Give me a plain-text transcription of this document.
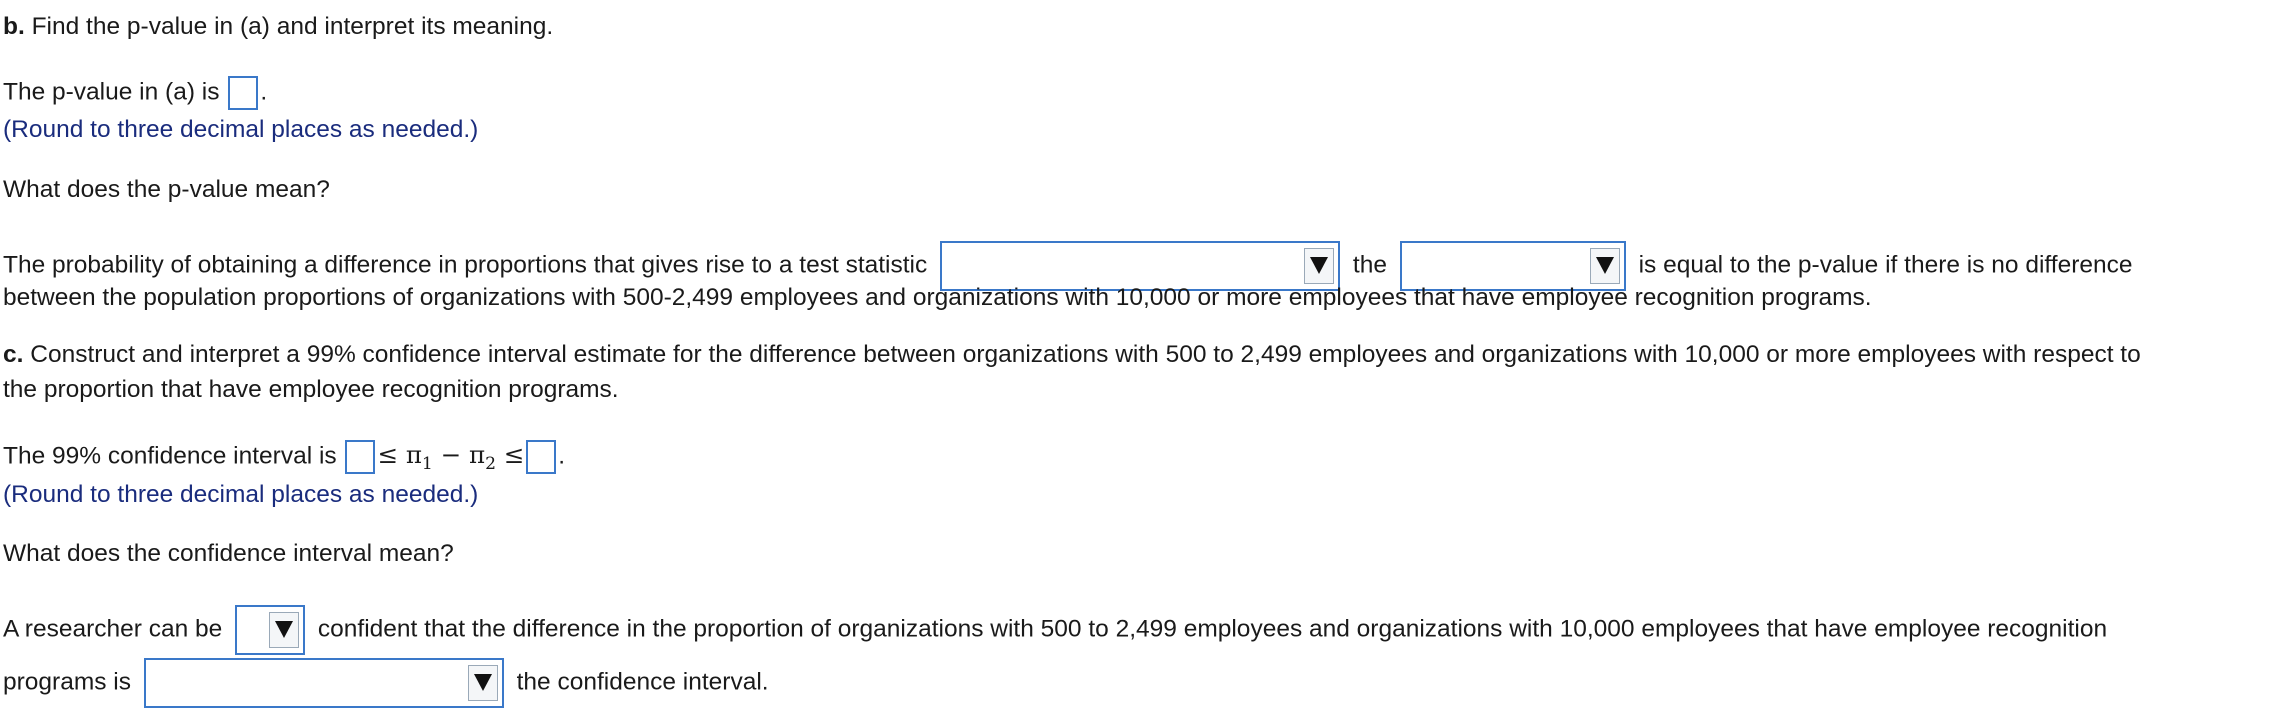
b. Find the p-value in (a) and interpret its meaning.
The p-value in (a) is .
(Round to three decimal places as needed.)
What does the p-value mean?
The probability of obtaining a difference in proportions that gives rise to a test statistic	the	is equal to the p-value if there is no difference
between the population proportions of organizations with 500-2,499 employees and organizations with 10,000 or more employees that have employee recognition programs.
c. Construct and interpret a 99% confidence interval estimate for the difference between organizations with 500 to 2,499 employees and organizations with 10,000 or more employees with respect to
the proportion that have employee recognition programs.
The 99% confidence interval is ≤ $\pi_1 - \pi_2$ ≤ .
(Round to three decimal places as needed.)
What does the confidence interval mean?
A researcher can be	confident that the difference in the proportion of organizations with 500 to 2,499 employees and organizations with 10,000 employees that have employee recognition
programs is	the confidence interval.
